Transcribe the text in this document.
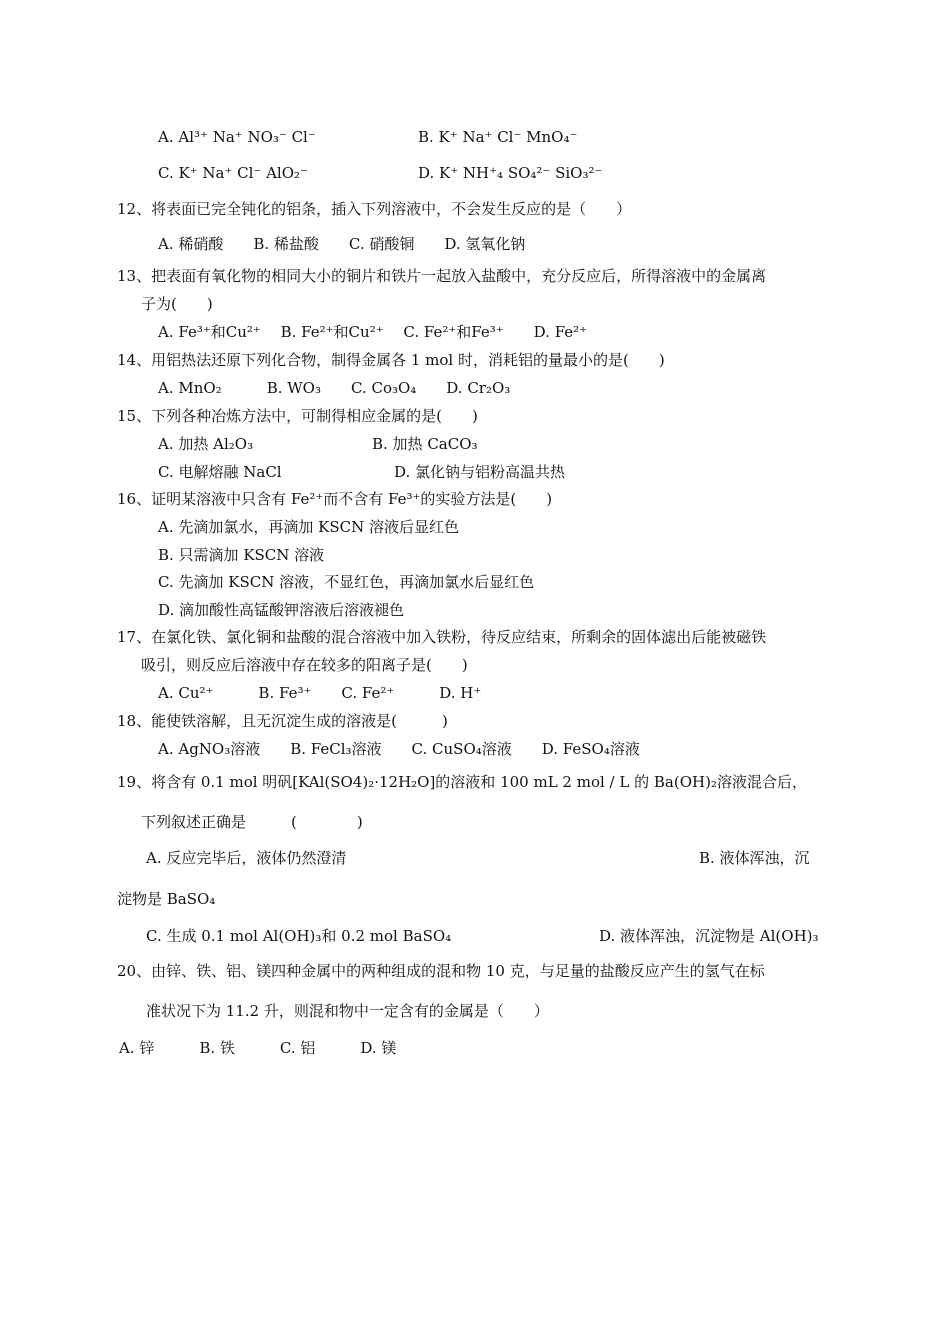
A. Al³⁺ Na⁺ NO₃⁻ Cl⁻	B. K⁺ Na⁺ Cl⁻ MnO₄⁻
C. K⁺ Na⁺ Cl⁻ AlO₂⁻	D. K⁺ NH⁺₄ SO₄²⁻ SiO₃²⁻
12、将表面已完全钝化的铝条，插入下列溶液中，不会发生反应的是（　　）
A. 稀硝酸　　B. 稀盐酸　　C. 硝酸铜　　D. 氢氧化钠
13、把表面有氧化物的相同大小的铜片和铁片一起放入盐酸中，充分反应后，所得溶液中的金属离
子为(　　)
A. Fe³⁺和Cu²⁺　 B. Fe²⁺和Cu²⁺　 C. Fe²⁺和Fe³⁺　　D. Fe²⁺
14、用铝热法还原下列化合物，制得金属各 1 mol 时，消耗铝的量最小的是(　　)
A. MnO₂　　　B. WO₃　　C. Co₃O₄　　D. Cr₂O₃
15、下列各种冶炼方法中，可制得相应金属的是(　　)
A. 加热 Al₂O₃	B. 加热 CaCO₃
C. 电解熔融 NaCl	D. 氯化钠与铝粉高温共热
16、证明某溶液中只含有 Fe²⁺而不含有 Fe³⁺的实验方法是(　　)
A. 先滴加氯水，再滴加 KSCN 溶液后显红色
B. 只需滴加 KSCN 溶液
C. 先滴加 KSCN 溶液，不显红色，再滴加氯水后显红色
D. 滴加酸性高锰酸钾溶液后溶液褪色
17、在氯化铁、氯化铜和盐酸的混合溶液中加入铁粉，待反应结束，所剩余的固体滤出后能被磁铁
吸引，则反应后溶液中存在较多的阳离子是(　　)
A. Cu²⁺　　　B. Fe³⁺　　C. Fe²⁺　　　D. H⁺
18、能使铁溶解，且无沉淀生成的溶液是(　　　)
A. AgNO₃溶液　　B. FeCl₃溶液　　C. CuSO₄溶液　　D. FeSO₄溶液
19、将含有 0.1 mol 明矾[KAl(SO4)₂·12H₂O]的溶液和 100 mL 2 mol / L 的 Ba(OH)₂溶液混合后，
下列叙述正确是　　　(　　　　)
A. 反应完毕后，液体仍然澄清	B. 液体浑浊，沉
淀物是 BaSO₄
C. 生成 0.1 mol Al(OH)₃和 0.2 mol BaSO₄	D. 液体浑浊，沉淀物是 Al(OH)₃
20、由锌、铁、铝、镁四种金属中的两种组成的混和物 10 克，与足量的盐酸反应产生的氢气在标
准状况下为 11.2 升，则混和物中一定含有的金属是（　　）
A. 锌　　　B. 铁　　　C. 铝　　　D. 镁
